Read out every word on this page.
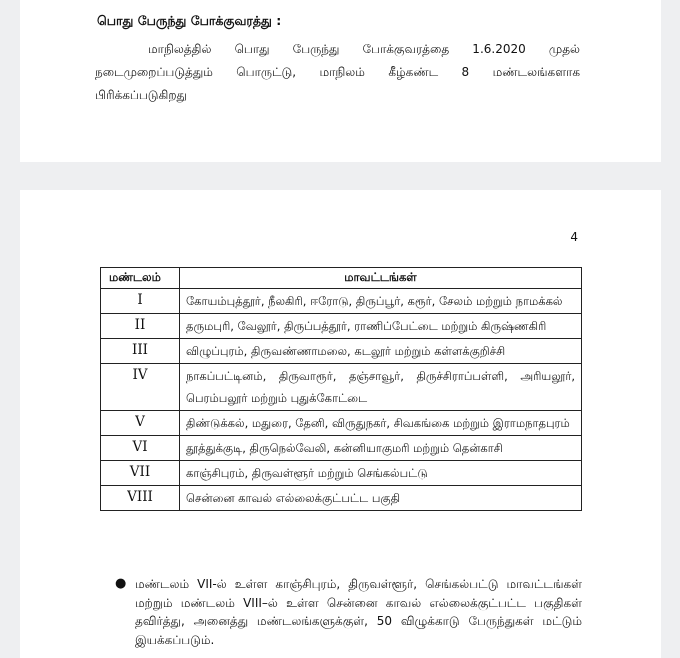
பொது பேருந்து போக்குவரத்து :
மாநிலத்தில் பொது பேருந்து போக்குவரத்தை 1.6.2020 முதல்
நடைமுறைப்படுத்தும் பொருட்டு, மாநிலம் கீழ்கண்ட 8 மண்டலங்களாக
பிரிக்கப்படுகிறது
4
மண்டலம்	மாவட்டங்கள்
I	கோயம்புத்தூர், நீலகிரி, ஈரோடு, திருப்பூர், கரூர், சேலம் மற்றும் நாமக்கல்
II	தருமபுரி, வேலூர், திருப்பத்தூர், ராணிப்பேட்டை மற்றும் கிருஷ்ணகிரி
III	விழுப்புரம், திருவண்ணாமலை, கடலூர் மற்றும் கள்ளக்குறிச்சி
IV	நாகப்பட்டினம், திருவாரூர், தஞ்சாவூர், திருச்சிராப்பள்ளி, அரியலூர், பெரம்பலூர் மற்றும் புதுக்கோட்டை
V	திண்டுக்கல், மதுரை, தேனி, விருதுநகர், சிவகங்கை மற்றும் இராமநாதபுரம்
VI	தூத்துக்குடி, திருநெல்வேலி, கன்னியாகுமரி மற்றும் தென்காசி
VII	காஞ்சிபுரம், திருவள்ளூர் மற்றும் செங்கல்பட்டு
VIII	சென்னை காவல் எல்லைக்குட்பட்ட பகுதி
● மண்டலம் VII-ல் உள்ள காஞ்சிபுரம், திருவள்ளூர், செங்கல்பட்டு மாவட்டங்கள் மற்றும் மண்டலம் VIII–ல் உள்ள சென்னை காவல் எல்லைக்குட்பட்ட பகுதிகள் தவிர்த்து, அனைத்து மண்டலங்களுக்குள், 50 விழுக்காடு பேருந்துகள் மட்டும் இயக்கப்படும்.
